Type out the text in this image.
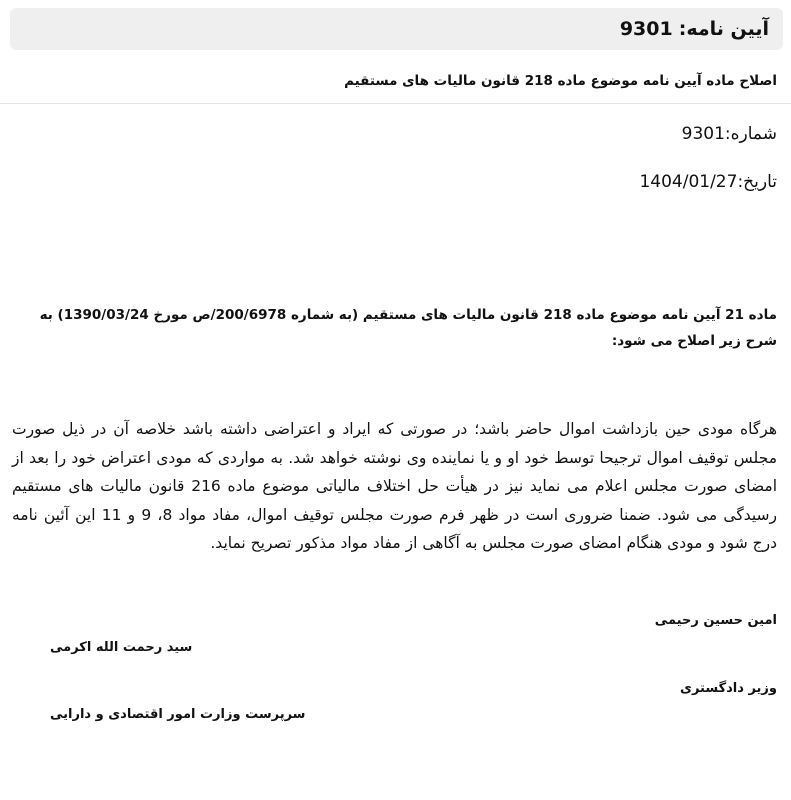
آیین نامه:
9301
اصلاح ماده آیین نامه موضوع ماده 218 قانون مالیات های مستقیم
شماره:9301
تاریخ:1404/01/27
ماده 21 آیین نامه موضوع ماده 218 قانون مالیات های مستقیم (به شماره 200/6978/ص مورخ 1390/03/24) به شرح زیر اصلاح می شود:
هرگاه مودی حین بازداشت اموال حاضر باشد؛ در صورتی که ایراد و اعتراضی داشته باشد خلاصه آن در ذیل صورت مجلس توقیف اموال ترجیحا توسط خود او و یا نماینده وی نوشته خواهد شد. به مواردی که مودی اعتراض خود را بعد از امضای صورت مجلس اعلام می نماید نیز در هیأت حل اختلاف مالیاتی موضوع ماده 216 قانون مالیات های مستقیم رسیدگی می شود. ضمنا ضروری است در ظهر فرم صورت مجلس توقیف اموال، مفاد مواد 8، 9 و 11 این آئین نامه درج شود و مودی هنگام امضای صورت مجلس به آگاهی از مفاد مواد مذکور تصریح نماید.
امین حسین رحیمی
سید رحمت الله اکرمی
وزیر دادگستری
سرپرست وزارت امور اقتصادی و دارایی
